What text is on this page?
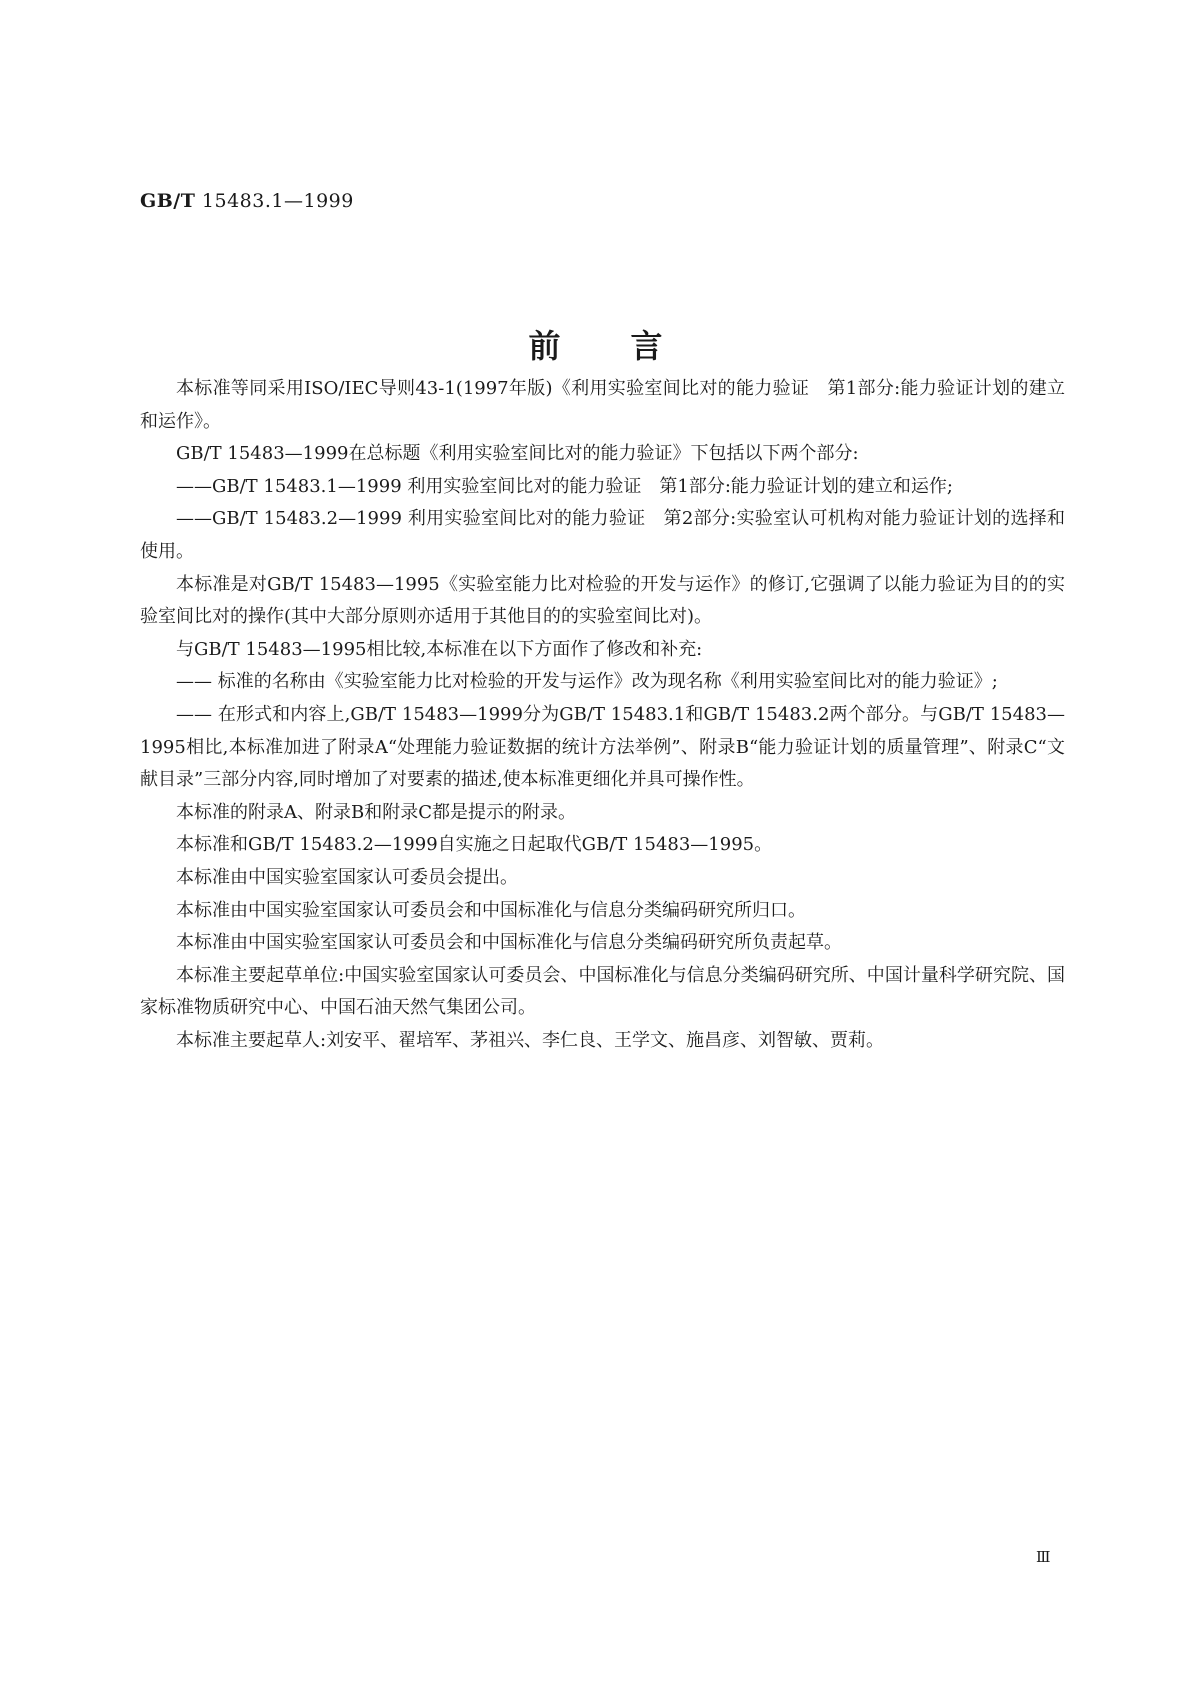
GB/T 15483.1—1999
前言

本标准等同采用ISO/IEC导则43-1(1997年版)《利用实验室间比对的能力验证　第1部分:能力验证计划的建立和运作》。

GB/T 15483—1999在总标题《利用实验室间比对的能力验证》下包括以下两个部分:

——GB/T 15483.1—1999 利用实验室间比对的能力验证　第1部分:能力验证计划的建立和运作;

——GB/T 15483.2—1999 利用实验室间比对的能力验证　第2部分:实验室认可机构对能力验证计划的选择和使用。

本标准是对GB/T 15483—1995《实验室能力比对检验的开发与运作》的修订,它强调了以能力验证为目的的实验室间比对的操作(其中大部分原则亦适用于其他目的的实验室间比对)。

与GB/T 15483—1995相比较,本标准在以下方面作了修改和补充:

—— 标准的名称由《实验室能力比对检验的开发与运作》改为现名称《利用实验室间比对的能力验证》;

—— 在形式和内容上,GB/T 15483—1999分为GB/T 15483.1和GB/T 15483.2两个部分。与GB/T 15483—1995相比,本标准加进了附录A“处理能力验证数据的统计方法举例”、附录B“能力验证计划的质量管理”、附录C“文献目录”三部分内容,同时增加了对要素的描述,使本标准更细化并具可操作性。

本标准的附录A、附录B和附录C都是提示的附录。

本标准和GB/T 15483.2—1999自实施之日起取代GB/T 15483—1995。

本标准由中国实验室国家认可委员会提出。

本标准由中国实验室国家认可委员会和中国标准化与信息分类编码研究所归口。

本标准由中国实验室国家认可委员会和中国标准化与信息分类编码研究所负责起草。

本标准主要起草单位:中国实验室国家认可委员会、中国标准化与信息分类编码研究所、中国计量科学研究院、国家标准物质研究中心、中国石油天然气集团公司。

本标准主要起草人:刘安平、翟培军、茅祖兴、李仁良、王学文、施昌彦、刘智敏、贾莉。

Ⅲ
